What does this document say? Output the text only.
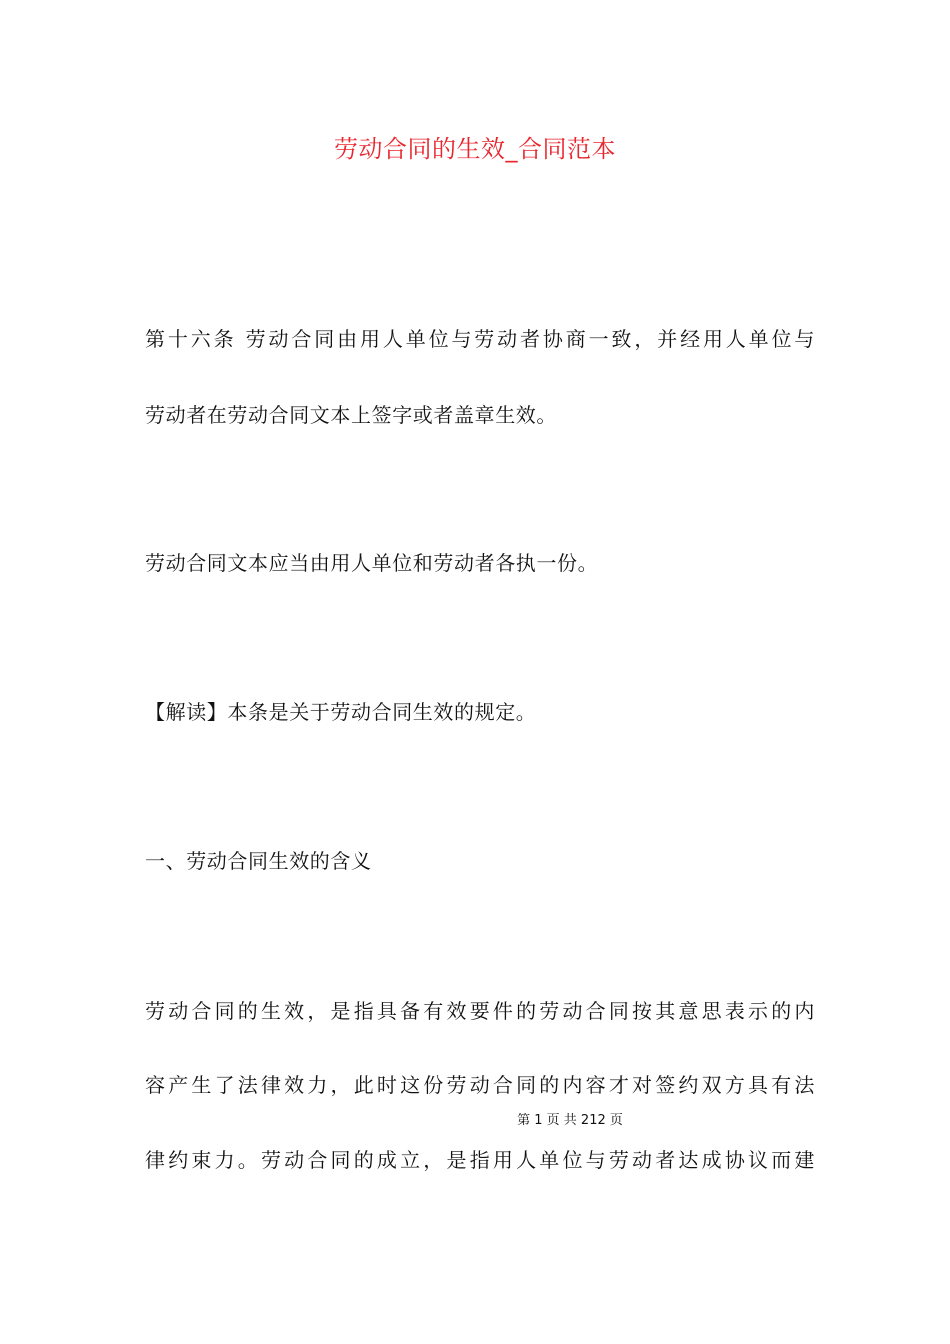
劳动合同的生效_合同范本
第十六条 劳动合同由用人单位与劳动者协商一致，并经用人单位与
劳动者在劳动合同文本上签字或者盖章生效。
劳动合同文本应当由用人单位和劳动者各执一份。
【解读】本条是关于劳动合同生效的规定。
一、劳动合同生效的含义
劳动合同的生效，是指具备有效要件的劳动合同按其意思表示的内
容产生了法律效力，此时这份劳动合同的内容才对签约双方具有法
第 1 页 共 212 页
律约束力。劳动合同的成立，是指用人单位与劳动者达成协议而建
